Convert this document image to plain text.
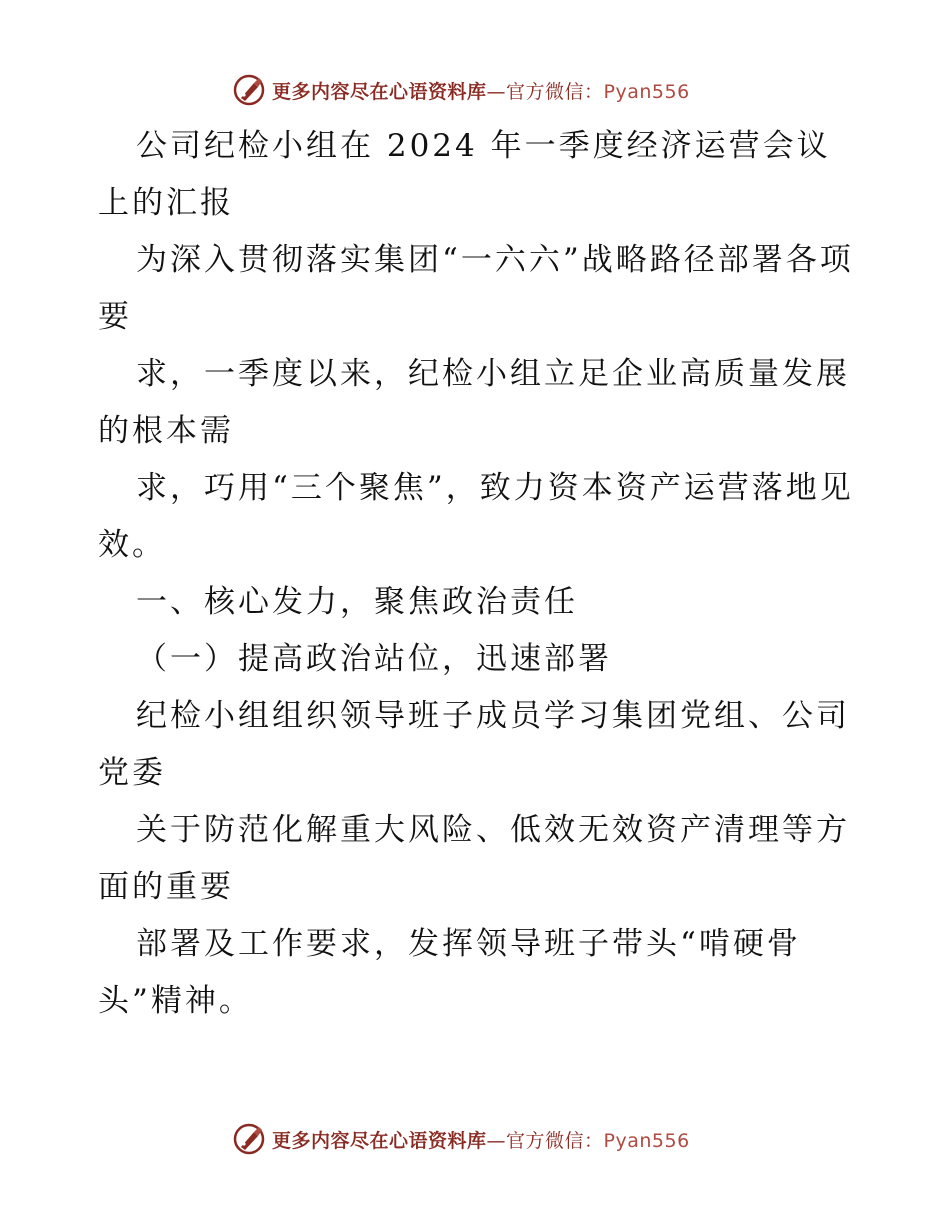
更多内容尽在心语资料库—官方微信：Pyan556

公司纪检小组在 2024 年一季度经济运营会议上的汇报

为深入贯彻落实集团“一六六”战略路径部署各项要

求，一季度以来，纪检小组立足企业高质量发展的根本需

求，巧用“三个聚焦”，致力资本资产运营落地见效。

一、核心发力，聚焦政治责任

（一）提高政治站位，迅速部署

纪检小组组织领导班子成员学习集团党组、公司党委

关于防范化解重大风险、低效无效资产清理等方面的重要

部署及工作要求，发挥领导班子带头“啃硬骨头”精神。

更多内容尽在心语资料库—官方微信：Pyan556
